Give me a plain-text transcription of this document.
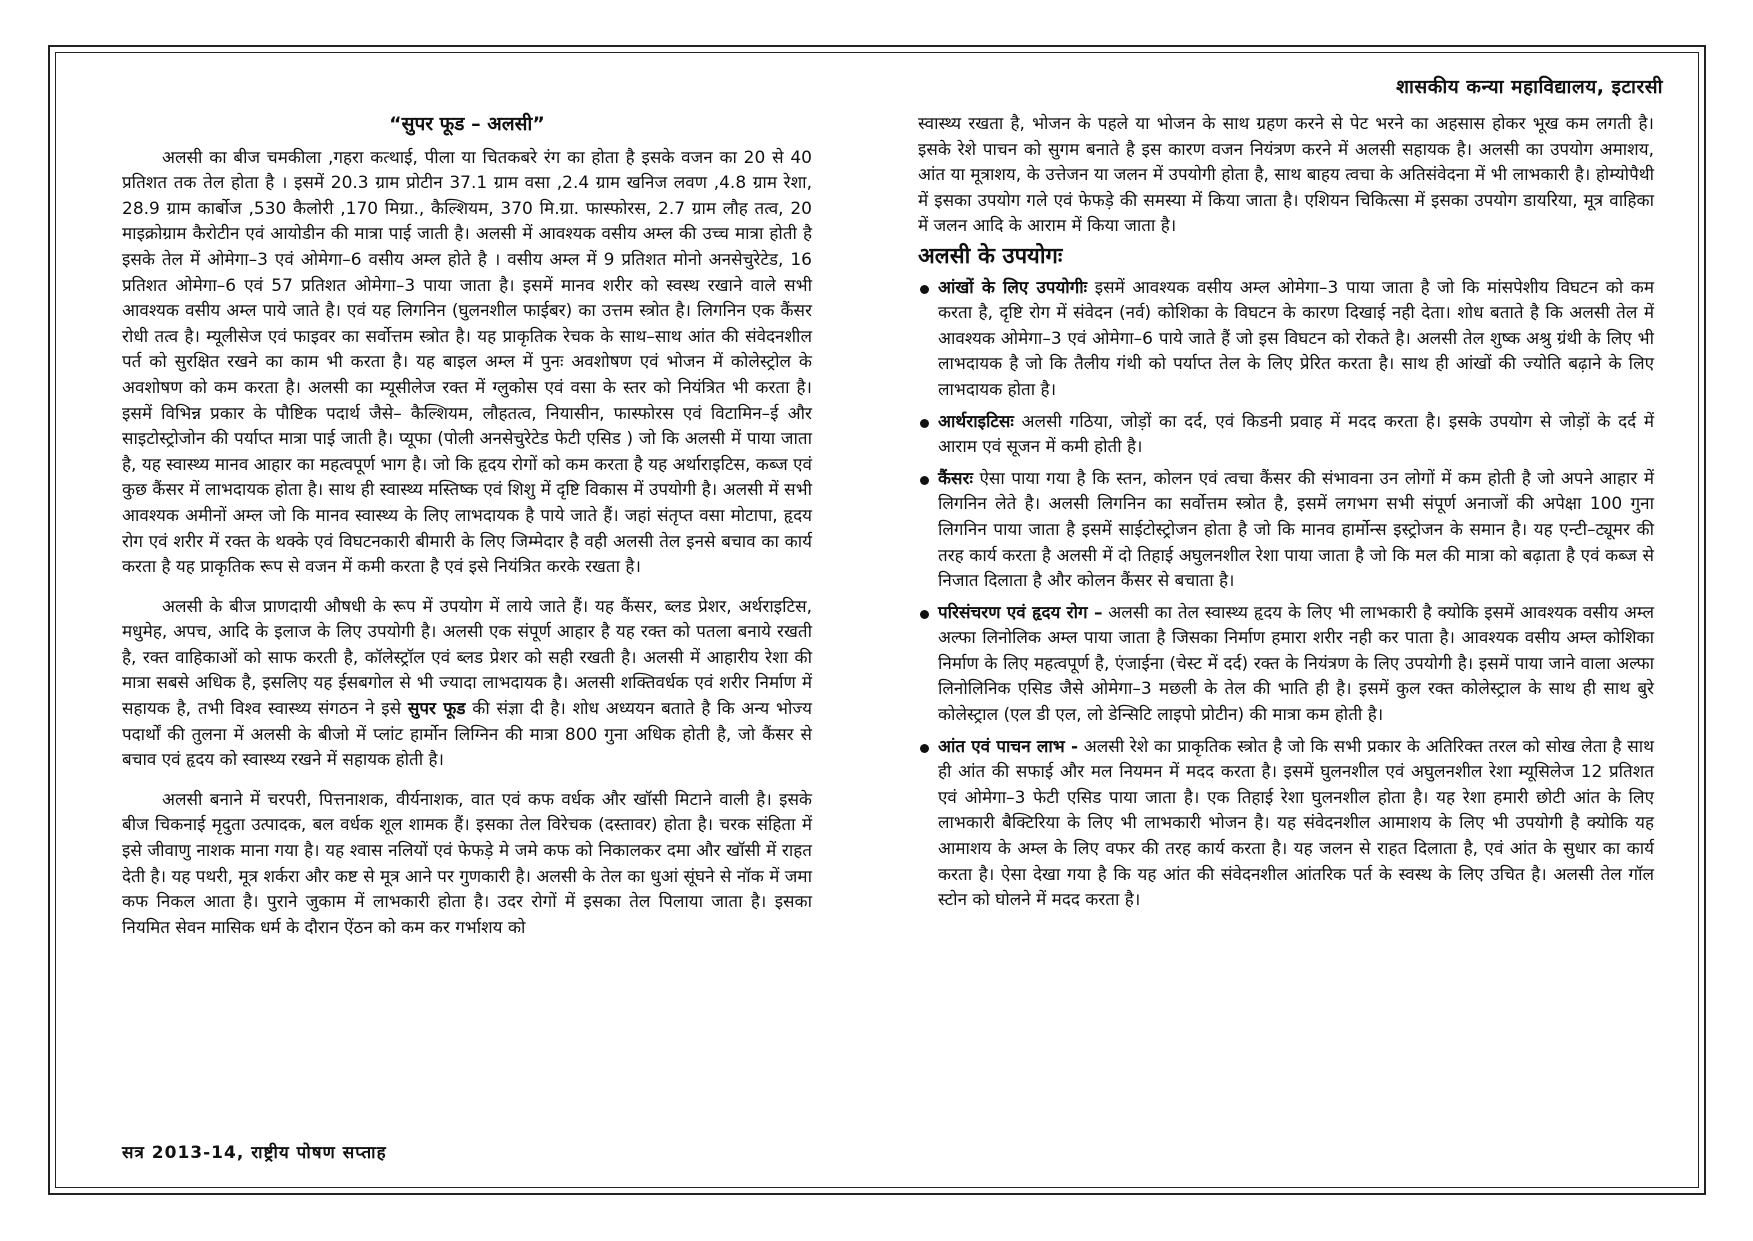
शासकीय कन्या महाविद्यालय, इटारसी
“सुपर फूड – अलसी”

अलसी का बीज चमकीला ,गहरा कत्थाई, पीला या चितकबरे रंग का होता है इसके वजन का 20 से 40 प्रतिशत तक तेल होता है । इसमें 20.3 ग्राम प्रोटीन 37.1 ग्राम वसा ,2.4 ग्राम खनिज लवण ,4.8 ग्राम रेशा, 28.9 ग्राम कार्बोज ,530 कैलोरी ,170 मिग्रा., कैल्शियम, 370 मि.ग्रा. फास्फोरस, 2.7 ग्राम लौह तत्व, 20 माइक्रोग्राम कैरोटीन एवं आयोडीन की मात्रा पाई जाती है। अलसी में आवश्यक वसीय अम्ल की उच्च मात्रा होती है इसके तेल में ओमेगा–3 एवं ओमेगा–6 वसीय अम्ल होते है । वसीय अम्ल में 9 प्रतिशत मोनो अनसेचुरेटेड, 16 प्रतिशत ओमेगा–6 एवं 57 प्रतिशत ओमेगा–3 पाया जाता है। इसमें मानव शरीर को स्वस्थ रखाने वाले सभी आवश्यक वसीय अम्ल पाये जाते है। एवं यह लिगनिन (घुलनशील फाईबर) का उत्तम स्त्रोत है। लिगनिन एक कैंसर रोधी तत्व है। म्यूलीसेज एवं फाइवर का सर्वोत्तम स्त्रोत है। यह प्राकृतिक रेचक के साथ–साथ आंत की संवेदनशील पर्त को सुरक्षित रखने का काम भी करता है। यह बाइल अम्ल में पुनः अवशोषण एवं भोजन में कोलेस्ट्रोल के अवशोषण को कम करता है। अलसी का म्यूसीलेज रक्त में ग्लुकोस एवं वसा के स्तर को नियंत्रित भी करता है। इसमें विभिन्न प्रकार के पौष्टिक पदार्थ जैसे– कैल्शियम, लौहतत्व, नियासीन, फास्फोरस एवं विटामिन–ई और साइटोस्ट्रोजोन की पर्याप्त मात्रा पाई जाती है। प्यूफा (पोली अनसेचुरेटेड फेटी एसिड ) जो कि अलसी में पाया जाता है, यह स्वास्थ्य मानव आहार का महत्वपूर्ण भाग है। जो कि हृदय रोगों को कम करता है यह अर्थाराइटिस, कब्ज एवं कुछ कैंसर में लाभदायक होता है। साथ ही स्वास्थ्य मस्तिष्क एवं शिशु में दृष्टि विकास में उपयोगी है। अलसी में सभी आवश्यक अमीनों अम्ल जो कि मानव स्वास्थ्य के लिए लाभदायक है पाये जाते हैं। जहां संतृप्त वसा मोटापा, हृदय रोग एवं शरीर में रक्त के थक्के एवं विघटनकारी बीमारी के लिए जिम्मेदार है वही अलसी तेल इनसे बचाव का कार्य करता है यह प्राकृतिक रूप से वजन में कमी करता है एवं इसे नियंत्रित करके रखता है।

अलसी के बीज प्राणदायी औषधी के रूप में उपयोग में लाये जाते हैं। यह कैंसर, ब्लड प्रेशर, अर्थराइटिस, मधुमेह, अपच, आदि के इलाज के लिए उपयोगी है। अलसी एक संपूर्ण आहार है यह रक्त को पतला बनाये रखती है, रक्त वाहिकाओं को साफ करती है, कॉलेस्ट्रॉल एवं ब्लड प्रेशर को सही रखती है। अलसी में आहारीय रेशा की मात्रा सबसे अधिक है, इसलिए यह ईसबगोल से भी ज्यादा लाभदायक है। अलसी शक्तिवर्धक एवं शरीर निर्माण में सहायक है, तभी विश्व स्वास्थ्य संगठन ने इसे सुपर फूड की संज्ञा दी है। शोध अध्ययन बताते है कि अन्य भोज्य पदार्थों की तुलना में अलसी के बीजो में प्लांट हार्मोन लिग्निन की मात्रा 800 गुना अधिक होती है, जो कैंसर से बचाव एवं हृदय को स्वास्थ्य रखने में सहायक होती है।

अलसी बनाने में चरपरी, पित्तनाशक, वीर्यनाशक, वात एवं कफ वर्धक और खॉसी मिटाने वाली है। इसके बीज चिकनाई मृदुता उत्पादक, बल वर्धक शूल शामक हैं। इसका तेल विरेचक (दस्तावर) होता है। चरक संहिता में इसे जीवाणु नाशक माना गया है। यह श्वास नलियों एवं फेफड़े मे जमे कफ को निकालकर दमा और खॉसी में राहत देती है। यह पथरी, मूत्र शर्करा और कष्ट से मूत्र आने पर गुणकारी है। अलसी के तेल का धुआं सूंघने से नॉक में जमा कफ निकल आता है। पुराने जुकाम में लाभकारी होता है। उदर रोगों में इसका तेल पिलाया जाता है। इसका नियमित सेवन मासिक धर्म के दौरान ऐंठन को कम कर गर्भाशय को

सत्र 2013-14, राष्ट्रीय पोषण सप्ताह

स्वास्थ्य रखता है, भोजन के पहले या भोजन के साथ ग्रहण करने से पेट भरने का अहसास होकर भूख कम लगती है। इसके रेशे पाचन को सुगम बनाते है इस कारण वजन नियंत्रण करने में अलसी सहायक है। अलसी का उपयोग अमाशय, आंत या मूत्राशय, के उत्तेजन या जलन में उपयोगी होता है, साथ बाहय त्वचा के अतिसंवेदना में भी लाभकारी है। होम्योपैथी में इसका उपयोग गले एवं फेफड़े की समस्या में किया जाता है। एशियन चिकित्सा में इसका उपयोग डायरिया, मूत्र वाहिका में जलन आदि के आराम में किया जाता है।

अलसी के उपयोगः
आंखों के लिए उपयोगीः इसमें आवश्यक वसीय अम्ल ओमेगा–3 पाया जाता है जो कि मांसपेशीय विघटन को कम करता है, दृष्टि रोग में संवेदन (नर्व) कोशिका के विघटन के कारण दिखाई नही देता। शोध बताते है कि अलसी तेल में आवश्यक ओमेगा–3 एवं ओमेगा–6 पाये जाते हैं जो इस विघटन को रोकते है। अलसी तेल शुष्क अश्रु ग्रंथी के लिए भी लाभदायक है जो कि तैलीय गंथी को पर्याप्त तेल के लिए प्रेरित करता है। साथ ही आंखों की ज्योति बढ़ाने के लिए लाभदायक होता है।
आर्थराइटिसः अलसी गठिया, जोड़ों का दर्द, एवं किडनी प्रवाह में मदद करता है। इसके उपयोग से जोड़ों के दर्द में आराम एवं सूजन में कमी होती है।
कैंसरः ऐसा पाया गया है कि स्तन, कोलन एवं त्वचा कैंसर की संभावना उन लोगों में कम होती है जो अपने आहार में लिगनिन लेते है। अलसी लिगनिन का सर्वोत्तम स्त्रोत है, इसमें लगभग सभी संपूर्ण अनाजों की अपेक्षा 100 गुना लिगनिन पाया जाता है इसमें साईटोस्ट्रोजन होता है जो कि मानव हार्मोन्स इस्ट्रोजन के समान है। यह एन्टी–ट्यूमर की तरह कार्य करता है अलसी में दो तिहाई अघुलनशील रेशा पाया जाता है जो कि मल की मात्रा को बढ़ाता है एवं कब्ज से निजात दिलाता है और कोलन कैंसर से बचाता है।
परिसंचरण एवं हृदय रोग – अलसी का तेल स्वास्थ्य हृदय के लिए भी लाभकारी है क्योकि इसमें आवश्यक वसीय अम्ल अल्फा लिनोलिक अम्ल पाया जाता है जिसका निर्माण हमारा शरीर नही कर पाता है। आवश्यक वसीय अम्ल कोशिका निर्माण के लिए महत्वपूर्ण है, एंजाईना (चेस्ट में दर्द) रक्त के नियंत्रण के लिए उपयोगी है। इसमें पाया जाने वाला अल्फा लिनोलिनिक एसिड जैसे ओमेगा–3 मछली के तेल की भाति ही है। इसमें कुल रक्त कोलेस्ट्राल के साथ ही साथ बुरे कोलेस्ट्राल (एल डी एल, लो डेन्सिटि लाइपो प्रोटीन) की मात्रा कम होती है।
आंत एवं पाचन लाभ - अलसी रेशे का प्राकृतिक स्त्रोत है जो कि सभी प्रकार के अतिरिक्त तरल को सोख लेता है साथ ही आंत की सफाई और मल नियमन में मदद करता है। इसमें घुलनशील एवं अघुलनशील रेशा म्यूसिलेज 12 प्रतिशत एवं ओमेगा–3 फेटी एसिड पाया जाता है। एक तिहाई रेशा घुलनशील होता है। यह रेशा हमारी छोटी आंत के लिए लाभकारी बैक्टिरिया के लिए भी लाभकारी भोजन है। यह संवेदनशील आमाशय के लिए भी उपयोगी है क्योकि यह आमाशय के अम्ल के लिए वफर की तरह कार्य करता है। यह जलन से राहत दिलाता है, एवं आंत के सुधार का कार्य करता है। ऐसा देखा गया है कि यह आंत की संवेदनशील आंतरिक पर्त के स्वस्थ के लिए उचित है। अलसी तेल गॉल स्टोन को घोलने में मदद करता है।
